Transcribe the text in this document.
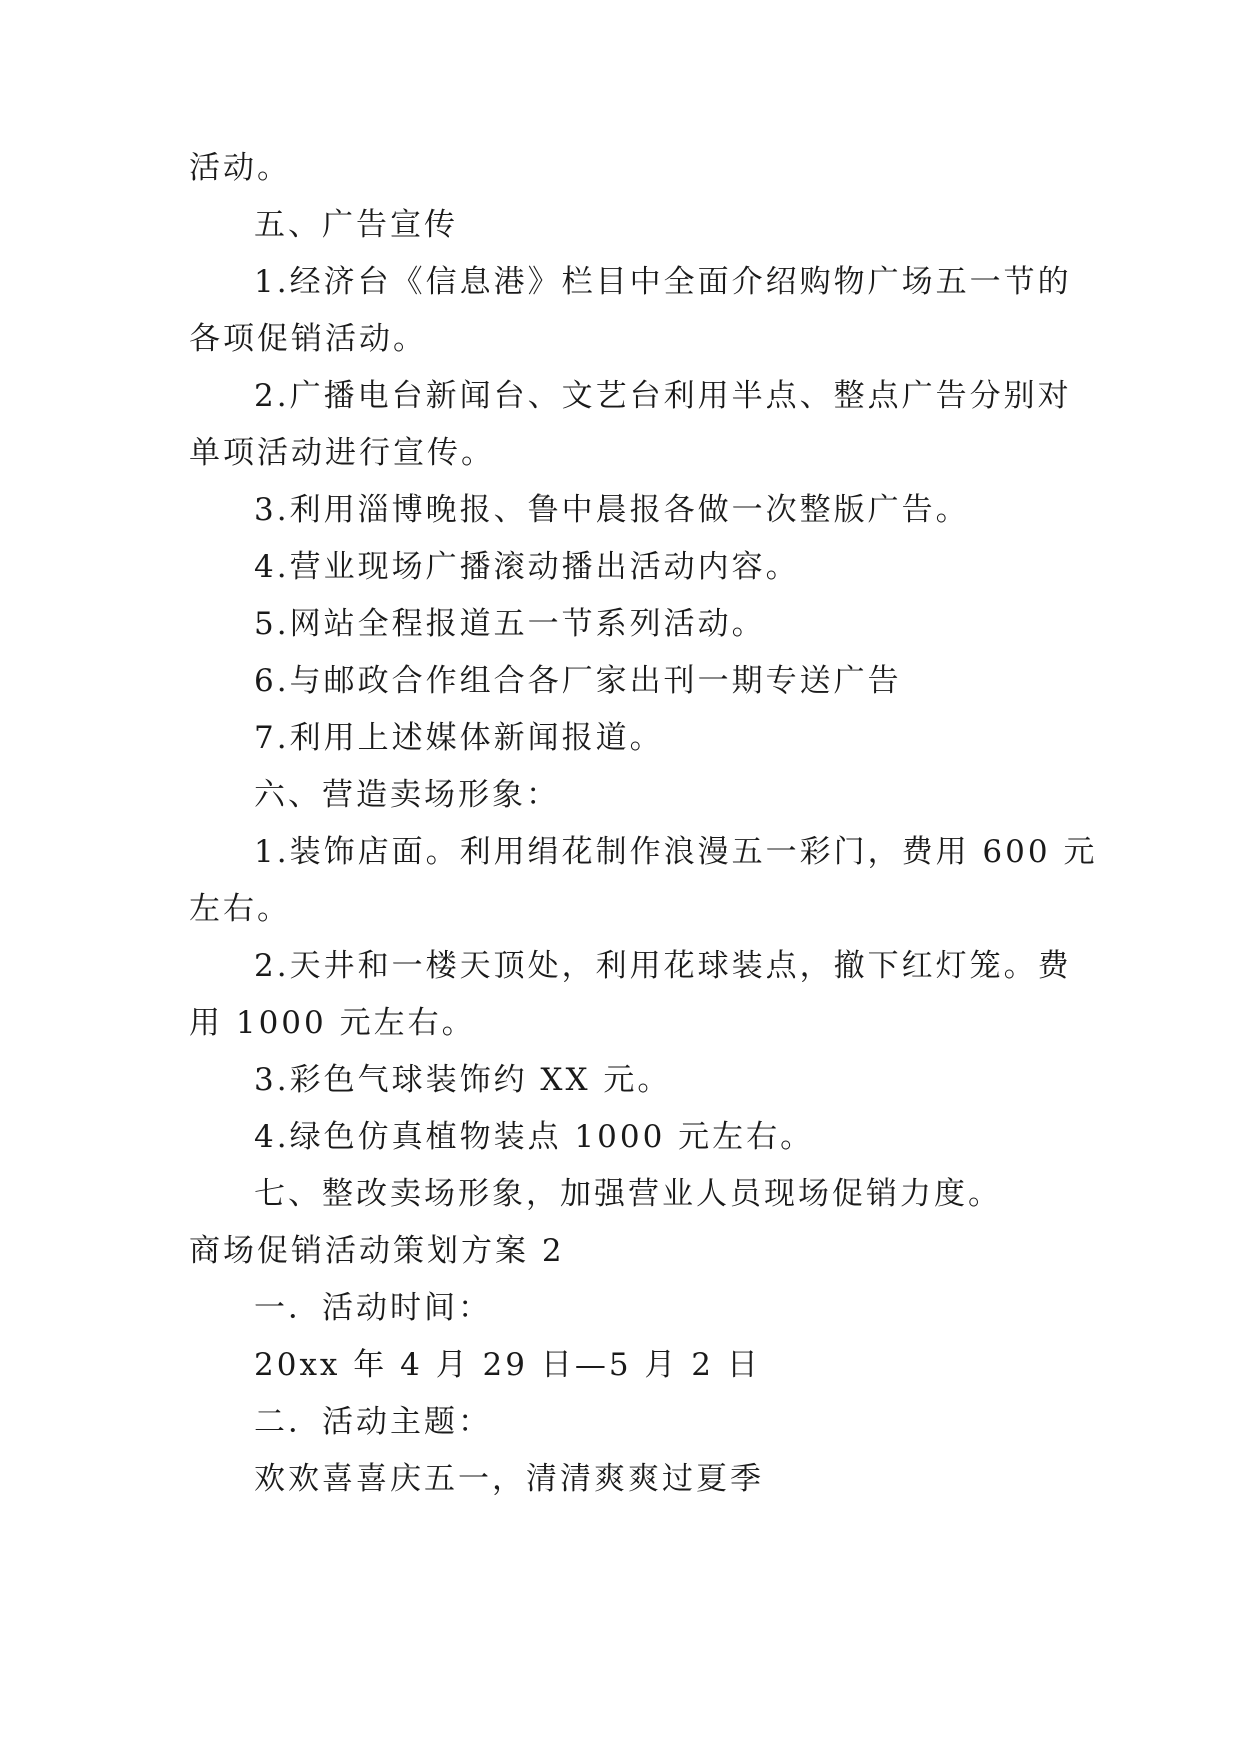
活动。
五、广告宣传
1.经济台《信息港》栏目中全面介绍购物广场五一节的
各项促销活动。
2.广播电台新闻台、文艺台利用半点、整点广告分别对
单项活动进行宣传。
3.利用淄博晚报、鲁中晨报各做一次整版广告。
4.营业现场广播滚动播出活动内容。
5.网站全程报道五一节系列活动。
6.与邮政合作组合各厂家出刊一期专送广告
7.利用上述媒体新闻报道。
六、营造卖场形象：
1.装饰店面。利用绢花制作浪漫五一彩门，费用 600 元
左右。
2.天井和一楼天顶处，利用花球装点，撤下红灯笼。费
用 1000 元左右。
3.彩色气球装饰约 XX 元。
4.绿色仿真植物装点 1000 元左右。
七、整改卖场形象，加强营业人员现场促销力度。
商场促销活动策划方案 2
一．活动时间：
20xx 年 4 月 29 日—5 月 2 日
二．活动主题：
欢欢喜喜庆五一，清清爽爽过夏季
